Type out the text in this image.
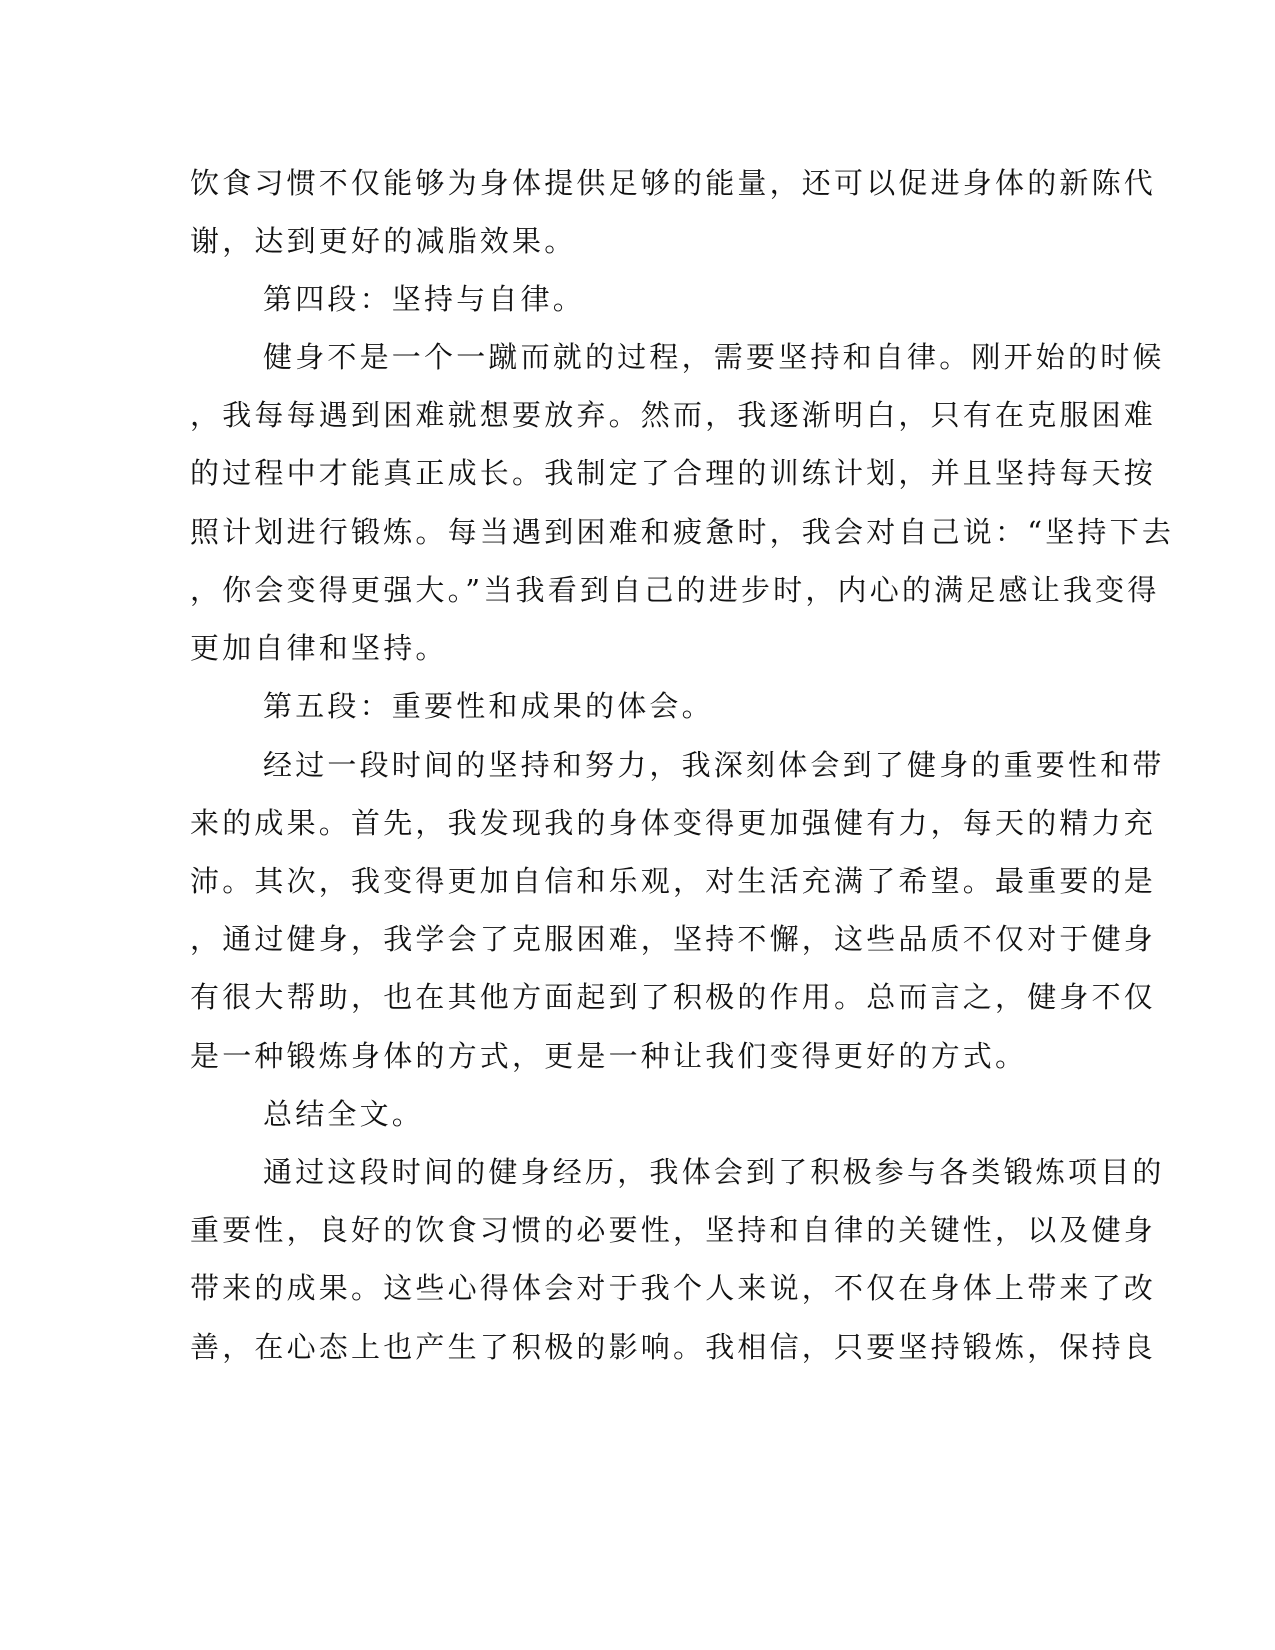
饮食习惯不仅能够为身体提供足够的能量，还可以促进身体的新陈代
谢，达到更好的减脂效果。
第四段：坚持与自律。
健身不是一个一蹴而就的过程，需要坚持和自律。刚开始的时候
，我每每遇到困难就想要放弃。然而，我逐渐明白，只有在克服困难
的过程中才能真正成长。我制定了合理的训练计划，并且坚持每天按
照计划进行锻炼。每当遇到困难和疲惫时，我会对自己说：“坚持下去
，你会变得更强大。”当我看到自己的进步时，内心的满足感让我变得
更加自律和坚持。
第五段：重要性和成果的体会。
经过一段时间的坚持和努力，我深刻体会到了健身的重要性和带
来的成果。首先，我发现我的身体变得更加强健有力，每天的精力充
沛。其次，我变得更加自信和乐观，对生活充满了希望。最重要的是
，通过健身，我学会了克服困难，坚持不懈，这些品质不仅对于健身
有很大帮助，也在其他方面起到了积极的作用。总而言之，健身不仅
是一种锻炼身体的方式，更是一种让我们变得更好的方式。
总结全文。
通过这段时间的健身经历，我体会到了积极参与各类锻炼项目的
重要性，良好的饮食习惯的必要性，坚持和自律的关键性，以及健身
带来的成果。这些心得体会对于我个人来说，不仅在身体上带来了改
善，在心态上也产生了积极的影响。我相信，只要坚持锻炼，保持良
